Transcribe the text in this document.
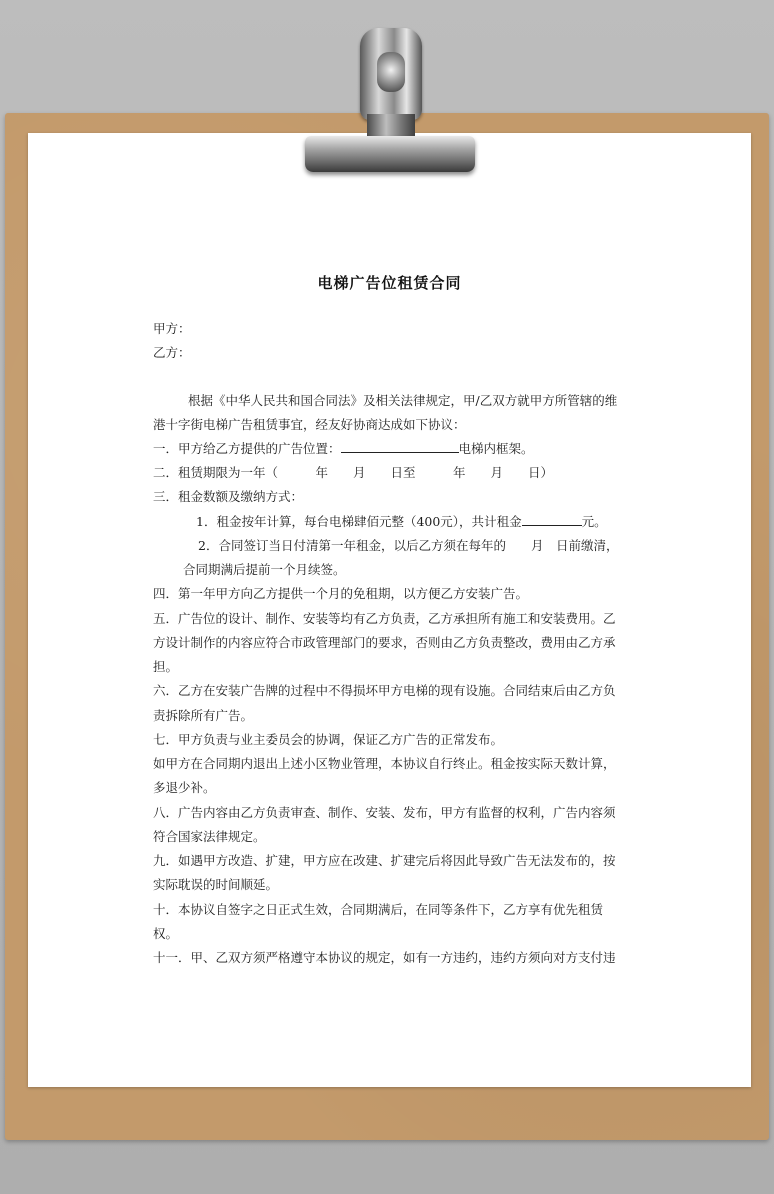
电梯广告位租赁合同
甲方：
乙方：
根据《中华人民共和国合同法》及相关法律规定，甲/乙双方就甲方所管辖的维
港十字街电梯广告租赁事宜，经友好协商达成如下协议：
一．甲方给乙方提供的广告位置：	电梯内框架。
二．租赁期限为一年（　　　年　　月　　日至　　　年　　月　　日）
三．租金数额及缴纳方式：
1．租金按年计算，每台电梯肆佰元整（400元），共计租金	元。
2．合同签订当日付清第一年租金，以后乙方须在每年的　　月　日前缴清，
合同期满后提前一个月续签。
四．第一年甲方向乙方提供一个月的免租期，以方便乙方安装广告。
五．广告位的设计、制作、安装等均有乙方负责，乙方承担所有施工和安装费用。乙
方设计制作的内容应符合市政管理部门的要求，否则由乙方负责整改，费用由乙方承
担。
六．乙方在安装广告牌的过程中不得损坏甲方电梯的现有设施。合同结束后由乙方负
责拆除所有广告。
七．甲方负责与业主委员会的协调，保证乙方广告的正常发布。
如甲方在合同期内退出上述小区物业管理，本协议自行终止。租金按实际天数计算，
多退少补。
八．广告内容由乙方负责审查、制作、安装、发布，甲方有监督的权利，广告内容须
符合国家法律规定。
九．如遇甲方改造、扩建，甲方应在改建、扩建完后将因此导致广告无法发布的，按
实际耽误的时间顺延。
十．本协议自签字之日正式生效，合同期满后，在同等条件下，乙方享有优先租赁
权。
十一．甲、乙双方须严格遵守本协议的规定，如有一方违约，违约方须向对方支付违
